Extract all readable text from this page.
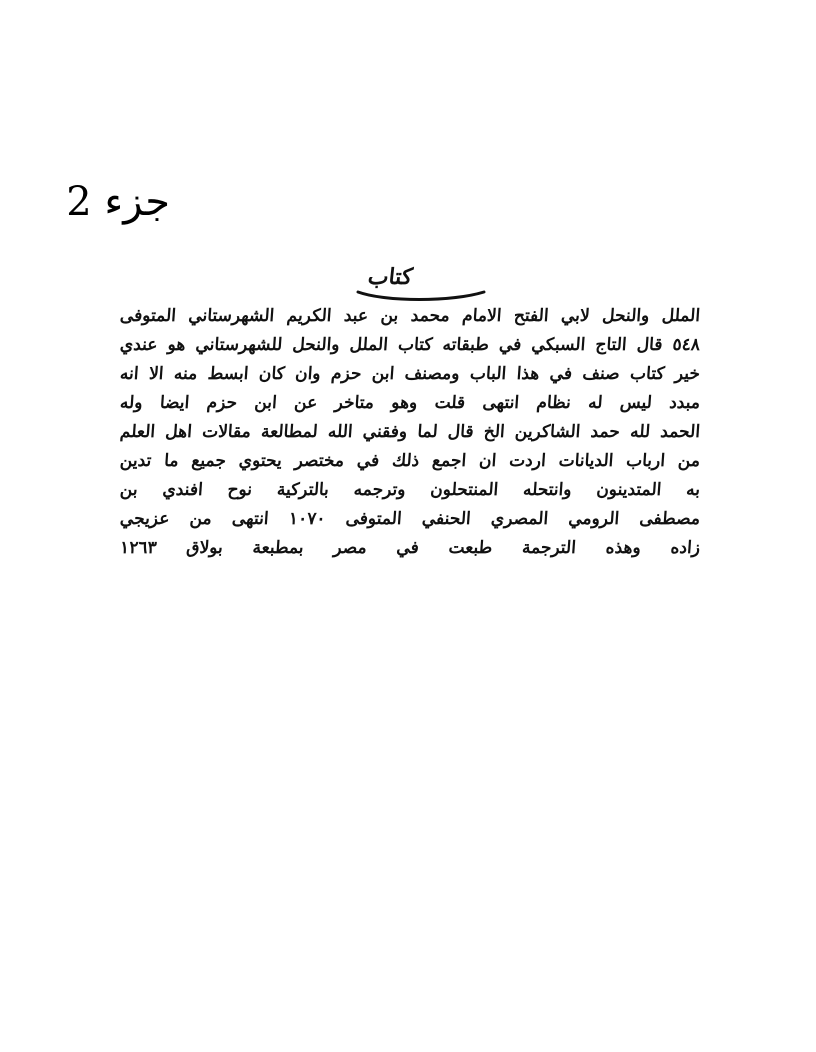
جزء 2
كتاب
الملل والنحل لابي الفتح الامام محمد بن عبد الكريم الشهرستاني المتوفى
٥٤٨ قال التاج السبكي في طبقاته كتاب الملل والنحل للشهرستاني هو عندي
خير كتاب صنف في هذا الباب ومصنف ابن حزم وان كان ابسط منه الا انه
مبدد ليس له نظام انتهى قلت وهو متاخر عن ابن حزم ايضا وله
الحمد لله حمد الشاكرين الخ قال لما وفقني الله لمطالعة مقالات اهل العلم
من ارباب الديانات اردت ان اجمع ذلك في مختصر يحتوي جميع ما تدين
به المتدينون وانتحله المنتحلون وترجمه بالتركية نوح افندي بن
مصطفى الرومي المصري الحنفي المتوفى ١٠٧٠ انتهى من عزيجي
زاده وهذه الترجمة طبعت في مصر بمطبعة بولاق ١٢٦٣
